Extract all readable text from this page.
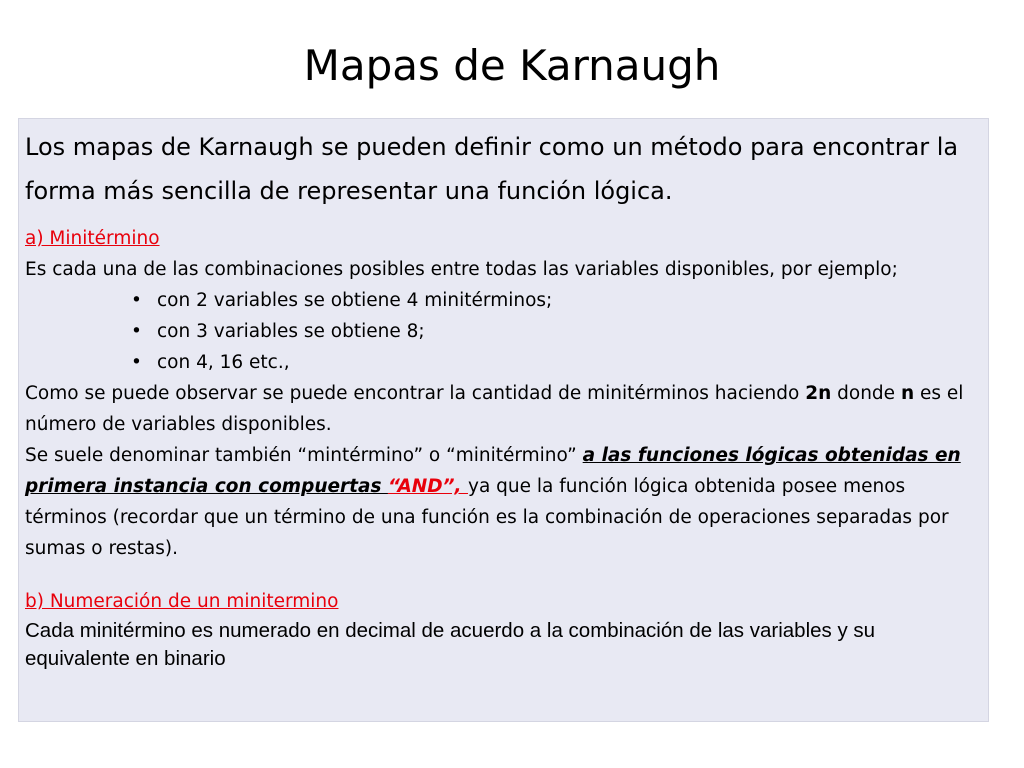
Mapas de Karnaugh

Los mapas de Karnaugh se pueden definir como un método para encontrar la forma más sencilla de representar una función lógica.

a) Minitérmino

Es cada una de las combinaciones posibles entre todas las variables disponibles, por ejemplo;

• con 2 variables se obtiene 4 minitérminos;
• con 3 variables se obtiene 8;
• con 4, 16 etc.,

Como se puede observar se puede encontrar la cantidad de minitérminos haciendo 2n donde n es el número de variables disponibles.

Se suele denominar también “mintérmino” o “minitérmino” a las funciones lógicas obtenidas en primera instancia con compuertas “AND”, ya que la función lógica obtenida posee menos términos (recordar que un término de una función es la combinación de operaciones separadas por sumas o restas).

b) Numeración de un minitermino

Cada minitérmino es numerado en decimal de acuerdo a la combinación de las variables y su equivalente en binario
